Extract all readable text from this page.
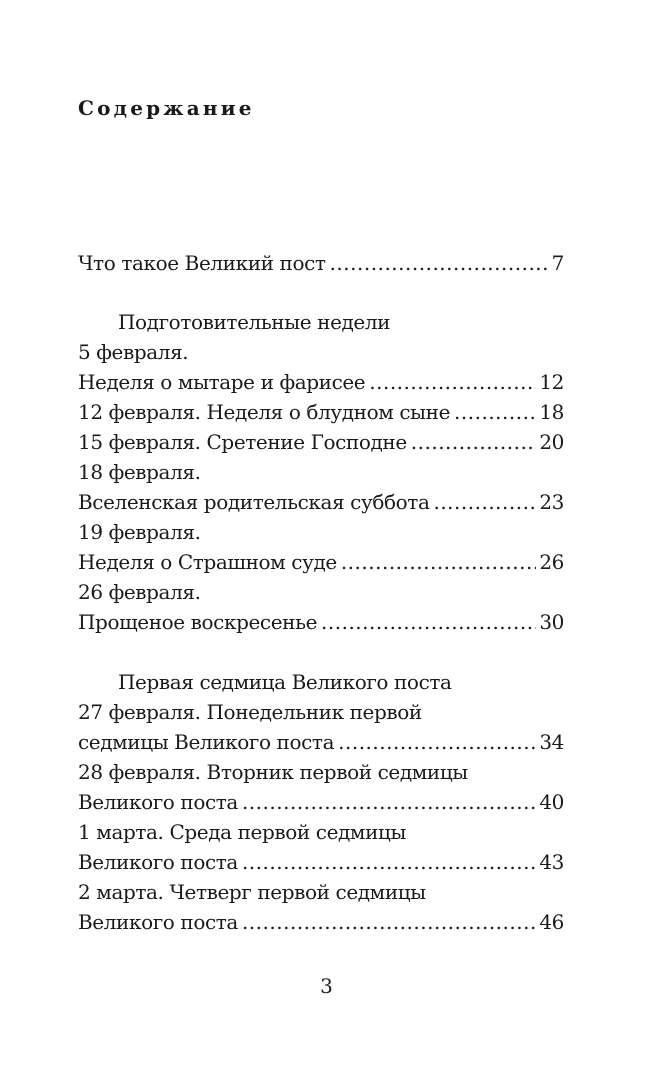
Содержание
Что такое Великий пост .....	7
Подготовительные недели
5 февраля.
Неделя о мытаре и фарисее .....	12
12 февраля. Неделя о блудном сыне .....	18
15 февраля. Сретение Господне .....	20
18 февраля.
Вселенская родительская суббота .....	23
19 февраля.
Неделя о Страшном суде .....	26
26 февраля.
Прощеное воскресенье .....	30
Первая седмица Великого поста
27 февраля. Понедельник первой
седмицы Великого поста .....	34
28 февраля. Вторник первой седмицы
Великого поста .....	40
1 марта. Среда первой седмицы
Великого поста .....	43
2 марта. Четверг первой седмицы
Великого поста .....	46
3
